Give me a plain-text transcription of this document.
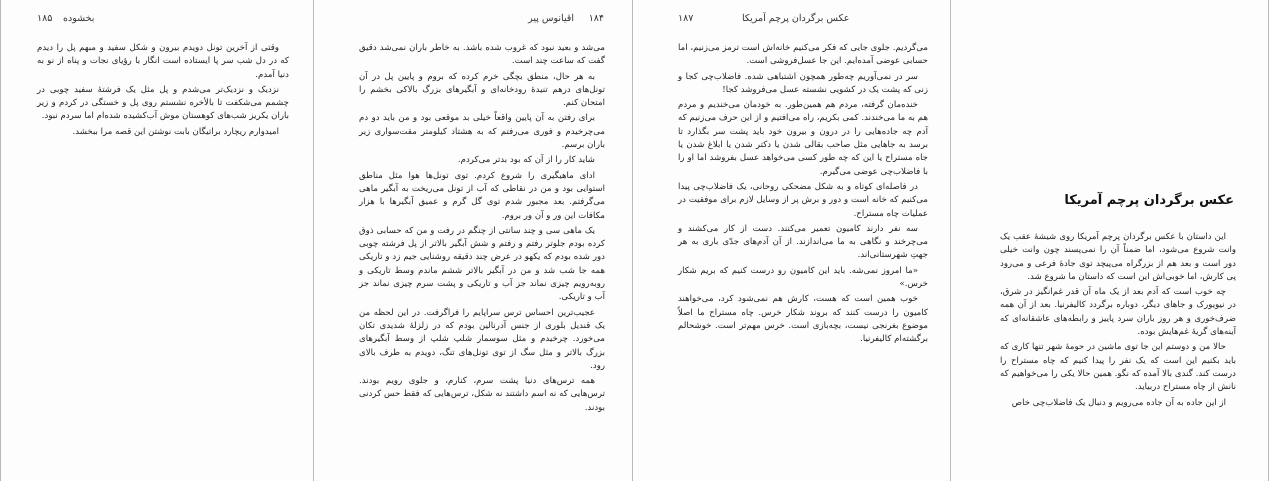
۱۸۵ بخشوده

وقتی از آخرین تونل دویدم بیرون و شکل سفید و مبهم پل را دیدم که در دل شب سر پا ایستاده است انگار با رؤیای نجات و پناه از نو به دنیا آمدم.

نزدیک و نزدیک‌تر می‌شدم و پل مثل یک فرشتهٔ سفید چوبی در چشمم می‌شکفت تا بالأخره نشستم روی پل و خستگی در کردم و زیر باران یکریز شب‌های کوهستان موش آب‌کشیده شده‌ام اما سردم نبود.

امیدوارم ریچارد براتیگان بابت نوشتن این قصه مرا ببخشد.

۱۸۴
اقیانوس پیر

می‌شد و بعید نبود که غروب شده باشد. به خاطر باران نمی‌شد دقیق گفت که ساعت چند است.

به هر حال، منطق بچگی خرم کرده که بروم و پایین پل در آن تونل‌های درهم تنیدهٔ رودخانه‌ای و آبگیرهای بزرگ بالاکی بخشم را امتحان کنم.

برای رفتن به آن پایین واقعاً خیلی بد موقعی بود و من باید دو دم می‌چرخیدم و فوری می‌رفتم که به هشتاد کیلومتر مقت‌سواری زیر باران برسم.

شاید کار را از آن که بود بدتر می‌کردم.

ادای ماهیگیری را شروع کردم. توی تونل‌ها هوا مثل مناطق استوایی بود و من در نقاطی که آب از تونل می‌ریخت به آبگیر ماهی می‌گرفتم. بعد مجبور شدم توی گل گرم و عمیق آبگیرها با هزار مکافات این ور و آن ور بروم.

یک ماهی سی و چند سانتی از چنگم در رفت و من که حسابی ذوق کرده بودم جلوتر رفتم و رفتم و شش آبگیر بالاتر از پل فرشته چوبی دور شده بودم که یکهو در عرض چند دقیقه روشنایی جیم زد و تاریکی همه جا شب شد و من در آبگیر بالاتر ششم ماندم وسط تاریکی و روبه‌رویم چیزی نماند جز آب و تاریکی و پشت سرم چیزی نماند جز آب و تاریکی.

عجیب‌ترین احساس ترس سراپایم را فراگرفت. در این لحظه من یک قندیل بلوری از جنس آدرنالین بودم که در زلزلهٔ شدیدی تکان می‌خورد. چرخیدم و مثل سوسمار شلپ شلپ از وسط آبگیرهای بزرگ بالاتر و مثل سگ از توی تونل‌های تنگ، دویدم به طرف بالای رود.

همه ترس‌های دنیا پشت سرم، کنارم، و جلوی رویم بودند. ترس‌هایی که نه اسم داشتند نه شکل، ترس‌هایی که فقط حس کردنی بودند.

۱۸۷	عکس برگردان پرچم آمریکا

می‌گردیم. جلوی جایی که فکر می‌کنیم خانه‌اش است ترمز می‌زنیم، اما حسابی عوضی آمده‌ایم. این جا عسل‌فروشی است.

سر در نمی‌آوریم چه‌طور همچون اشتباهی شده. فاضلاب‌چی کجا و زنی که پشت یک در کشویی نشسته عسل می‌فروشد کجا!

خنده‌مان گرفته، مردم هم همین‌طور. به خودمان می‌خندیم و مردم هم به ما می‌خندند. کمی بکریم، راه می‌افتیم و از این حرف می‌زنیم که آدم چه جاده‌هایی را در درون و بیرون خود باید پشت سر بگذارد تا برسد به جاهایی مثل صاحب بقالی شدن یا دکتر شدن یا ابلاغ شدن یا جاه مستراح یا این که چه طور کسی می‌خواهد عسل بفروشد اما او را با فاضلاب‌چی عوضی می‌گیرم.

در فاصله‌ای کوتاه و به شکل مضحکی روحانی، یک فاضلاب‌چی پیدا می‌کنیم که خانه است و دور و برش پر از وسایل لازم برای موفقیت در عملیات چاه مستراح.

سه نفر دارند کامیون تعمیر می‌کنند. دست از کار می‌کشند و می‌چرخند و نگاهی به ما می‌اندازند. از آن آدم‌های جدّی باری به هر جهتِ شهرستانی‌اند.

«ما امروز نمی‌شه. باید این کامیون رو درست کنیم که بریم شکار خرس.»

خوب همین است که هست، کارش هم نمی‌شود کرد، می‌خواهند کامیون را درست کنند که بروند شکار خرس. چاه مستراح ما اصلاً موضوع بغرنجی نیست، بچه‌بازی است. خرس مهم‌تر است. خوشحالم برگشته‌ام کالیفرنیا.

عکس برگردان پرچم آمریکا

این داستان با عکس برگردان پرچم آمریکا روی شیشهٔ عقب یک وانت شروع می‌شود، اما ضمناً آن را نمی‌پسند چون وانت خیلی دور است و بعد هم از بزرگراه می‌پیچد توی جادهٔ فرعی و می‌رود پی کارش، اما خوبی‌اش این است که داستان ما شروع شد.

چه خوب است که آدم بعد از یک ماه آن قدر غم‌انگیز در شرق، در نیویورک و جاهای دیگر، دوباره برگردد کالیفرنیا. بعد از آن همه ضرف‌خوری و هر روز باران سرد پاییز و رابطه‌های عاشقانه‌ای که آینه‌های گریهٔ غم‌هایش بوده.

حالا من و دوستم این جا توی ماشین در حومهٔ شهر تنها کاری که باید بکنیم این است که یک نفر را پیدا کنیم که چاه مستراح را درست کند. گندی بالا آمده که نگو. همین حالا یکی را می‌خواهیم که نانش از چاه مستراح دربیاید.

از این جاده به آن جاده می‌رویم و دنبال یک فاضلاب‌چی خاص
